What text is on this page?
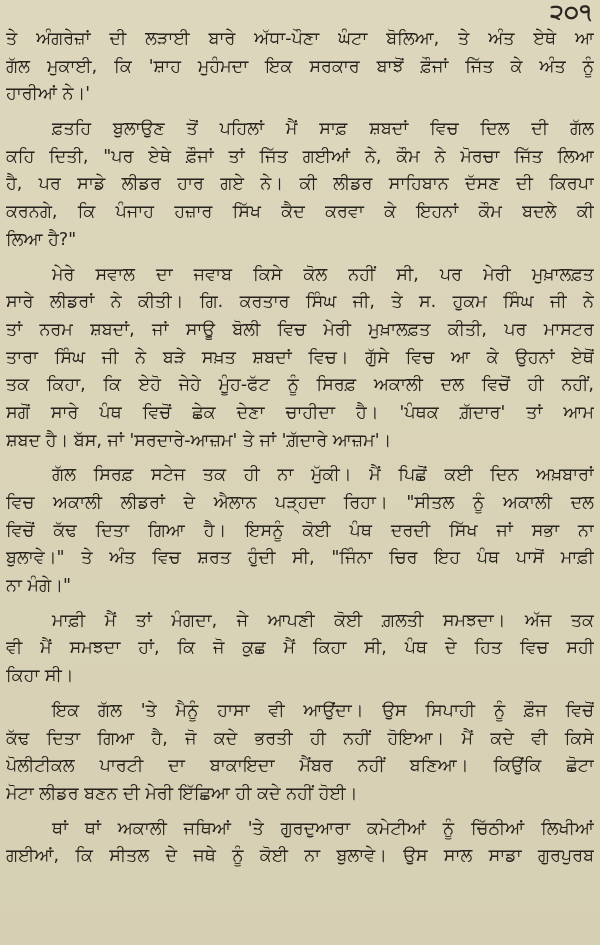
੨੦੧
ਤੇ ਅੰਗਰੇਜ਼ਾਂ ਦੀ ਲੜਾਈ ਬਾਰੇ ਅੱਧਾ-ਪੌਣਾ ਘੰਟਾ ਬੋਲਿਆ, ਤੇ ਅੰਤ ਏਥੇ ਆ
ਗੱਲ ਮੁਕਾਈ, ਕਿ 'ਸ਼ਾਹ ਮੁਹੰਮਦਾ ਇਕ ਸਰਕਾਰ ਬਾਝੋਂ ਫ਼ੌਜਾਂ ਜਿੱਤ ਕੇ ਅੰਤ ਨੂੰ
ਹਾਰੀਆਂ ਨੇ।'
ਫ਼ਤਹਿ ਬੁਲਾਉਣ ਤੋਂ ਪਹਿਲਾਂ ਮੈਂ ਸਾਫ਼ ਸ਼ਬਦਾਂ ਵਿਚ ਦਿਲ ਦੀ ਗੱਲ
ਕਹਿ ਦਿਤੀ, "ਪਰ ਏਥੇ ਫ਼ੌਜਾਂ ਤਾਂ ਜਿੱਤ ਗਈਆਂ ਨੇ, ਕੌਮ ਨੇ ਮੋਰਚਾ ਜਿੱਤ ਲਿਆ
ਹੈ, ਪਰ ਸਾਡੇ ਲੀਡਰ ਹਾਰ ਗਏ ਨੇ। ਕੀ ਲੀਡਰ ਸਾਹਿਬਾਨ ਦੱਸਣ ਦੀ ਕਿਰਪਾ
ਕਰਨਗੇ, ਕਿ ਪੰਜਾਹ ਹਜ਼ਾਰ ਸਿੱਖ ਕੈਦ ਕਰਵਾ ਕੇ ਇਹਨਾਂ ਕੌਮ ਬਦਲੇ ਕੀ
ਲਿਆ ਹੈ?"
ਮੇਰੇ ਸਵਾਲ ਦਾ ਜਵਾਬ ਕਿਸੇ ਕੋਲ ਨਹੀਂ ਸੀ, ਪਰ ਮੇਰੀ ਮੁਖ਼ਾਲਫ਼ਤ
ਸਾਰੇ ਲੀਡਰਾਂ ਨੇ ਕੀਤੀ। ਗਿ. ਕਰਤਾਰ ਸਿੰਘ ਜੀ, ਤੇ ਸ. ਹੁਕਮ ਸਿੰਘ ਜੀ ਨੇ
ਤਾਂ ਨਰਮ ਸ਼ਬਦਾਂ, ਜਾਂ ਸਾਊ ਬੋਲੀ ਵਿਚ ਮੇਰੀ ਮੁਖ਼ਾਲਫ਼ਤ ਕੀਤੀ, ਪਰ ਮਾਸਟਰ
ਤਾਰਾ ਸਿੰਘ ਜੀ ਨੇ ਬੜੇ ਸਖ਼ਤ ਸ਼ਬਦਾਂ ਵਿਚ। ਗੁੱਸੇ ਵਿਚ ਆ ਕੇ ਉਹਨਾਂ ਏਥੋਂ
ਤਕ ਕਿਹਾ, ਕਿ ਏਹੋ ਜੇਹੇ ਮੂੰਹ-ਫੱਟ ਨੂੰ ਸਿਰਫ਼ ਅਕਾਲੀ ਦਲ ਵਿਚੋਂ ਹੀ ਨਹੀਂ,
ਸਗੋਂ ਸਾਰੇ ਪੰਥ ਵਿਚੋਂ ਛੇਕ ਦੇਣਾ ਚਾਹੀਦਾ ਹੈ। 'ਪੰਥਕ ਗ਼ੱਦਾਰ' ਤਾਂ ਆਮ
ਸ਼ਬਦ ਹੈ। ਬੱਸ, ਜਾਂ 'ਸਰਦਾਰੇ-ਆਜ਼ਮ' ਤੇ ਜਾਂ 'ਗ਼ੱਦਾਰੇ ਆਜ਼ਮ'।
ਗੱਲ ਸਿਰਫ਼ ਸਟੇਜ ਤਕ ਹੀ ਨਾ ਮੁੱਕੀ। ਮੈਂ ਪਿਛੋਂ ਕਈ ਦਿਨ ਅਖ਼ਬਾਰਾਂ
ਵਿਚ ਅਕਾਲੀ ਲੀਡਰਾਂ ਦੇ ਐਲਾਨ ਪੜ੍ਹਦਾ ਰਿਹਾ। "ਸੀਤਲ ਨੂੰ ਅਕਾਲੀ ਦਲ
ਵਿਚੋਂ ਕੱਢ ਦਿਤਾ ਗਿਆ ਹੈ। ਇਸਨੂੰ ਕੋਈ ਪੰਥ ਦਰਦੀ ਸਿੱਖ ਜਾਂ ਸਭਾ ਨਾ
ਬੁਲਾਵੇ।" ਤੇ ਅੰਤ ਵਿਚ ਸ਼ਰਤ ਹੁੰਦੀ ਸੀ, "ਜਿੰਨਾ ਚਿਰ ਇਹ ਪੰਥ ਪਾਸੋਂ ਮਾਫ਼ੀ
ਨਾ ਮੰਗੇ।"
ਮਾਫ਼ੀ ਮੈਂ ਤਾਂ ਮੰਗਦਾ, ਜੇ ਆਪਣੀ ਕੋਈ ਗ਼ਲਤੀ ਸਮਝਦਾ। ਅੱਜ ਤਕ
ਵੀ ਮੈਂ ਸਮਝਦਾ ਹਾਂ, ਕਿ ਜੋ ਕੁਛ ਮੈਂ ਕਿਹਾ ਸੀ, ਪੰਥ ਦੇ ਹਿਤ ਵਿਚ ਸਹੀ
ਕਿਹਾ ਸੀ।
ਇਕ ਗੱਲ 'ਤੇ ਮੈਨੂੰ ਹਾਸਾ ਵੀ ਆਉਂਦਾ। ਉਸ ਸਿਪਾਹੀ ਨੂੰ ਫ਼ੌਜ ਵਿਚੋਂ
ਕੱਢ ਦਿਤਾ ਗਿਆ ਹੈ, ਜੋ ਕਦੇ ਭਰਤੀ ਹੀ ਨਹੀਂ ਹੋਇਆ। ਮੈਂ ਕਦੇ ਵੀ ਕਿਸੇ
ਪੋਲੀਟੀਕਲ ਪਾਰਟੀ ਦਾ ਬਾਕਾਇਦਾ ਮੈਂਬਰ ਨਹੀਂ ਬਣਿਆ। ਕਿਉਂਕਿ ਛੋਟਾ
ਮੋਟਾ ਲੀਡਰ ਬਣਨ ਦੀ ਮੇਰੀ ਇੱਛਿਆ ਹੀ ਕਦੇ ਨਹੀਂ ਹੋਈ।
ਥਾਂ ਥਾਂ ਅਕਾਲੀ ਜਥਿਆਂ 'ਤੇ ਗੁਰਦੁਆਰਾ ਕਮੇਟੀਆਂ ਨੂੰ ਚਿੱਠੀਆਂ ਲਿਖੀਆਂ
ਗਈਆਂ, ਕਿ ਸੀਤਲ ਦੇ ਜਥੇ ਨੂੰ ਕੋਈ ਨਾ ਬੁਲਾਵੇ। ਉਸ ਸਾਲ ਸਾਡਾ ਗੁਰਪੁਰਬ
